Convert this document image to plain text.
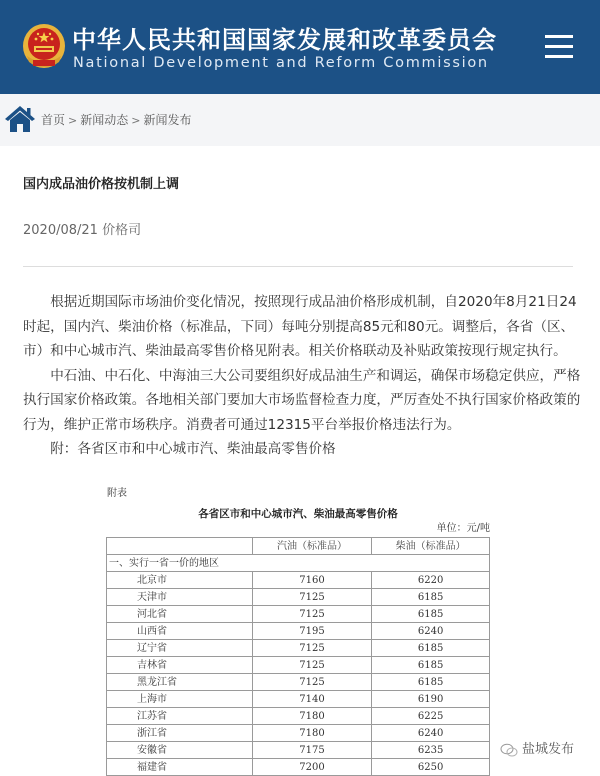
中华人民共和国国家发展和改革委员会
National Development and Reform Commission
首页 > 新闻动态 > 新闻发布
国内成品油价格按机制上调
2020/08/21 价格司

根据近期国际市场油价变化情况，按照现行成品油价格形成机制，自2020年8月21日24时起，国内汽、柴油价格（标准品，下同）每吨分别提高85元和80元。调整后，各省（区、市）和中心城市汽、柴油最高零售价格见附表。相关价格联动及补贴政策按现行规定执行。

中石油、中石化、中海油三大公司要组织好成品油生产和调运，确保市场稳定供应，严格执行国家价格政策。各地相关部门要加大市场监督检查力度，严厉查处不执行国家价格政策的行为，维护正常市场秩序。消费者可通过12315平台举报价格违法行为。

附：各省区市和中心城市汽、柴油最高零售价格

附表
各省区市和中心城市汽、柴油最高零售价格
单位：元/吨
	汽油（标准品）	柴油（标准品）
一、实行一省一价的地区		
北京市	7160	6220
天津市	7125	6185
河北省	7125	6185
山西省	7195	6240
辽宁省	7125	6185
吉林省	7125	6185
黑龙江省	7125	6185
上海市	7140	6190
江苏省	7180	6225
浙江省	7180	6240
安徽省	7175	6235
福建省	7200	6250
盐城发布
